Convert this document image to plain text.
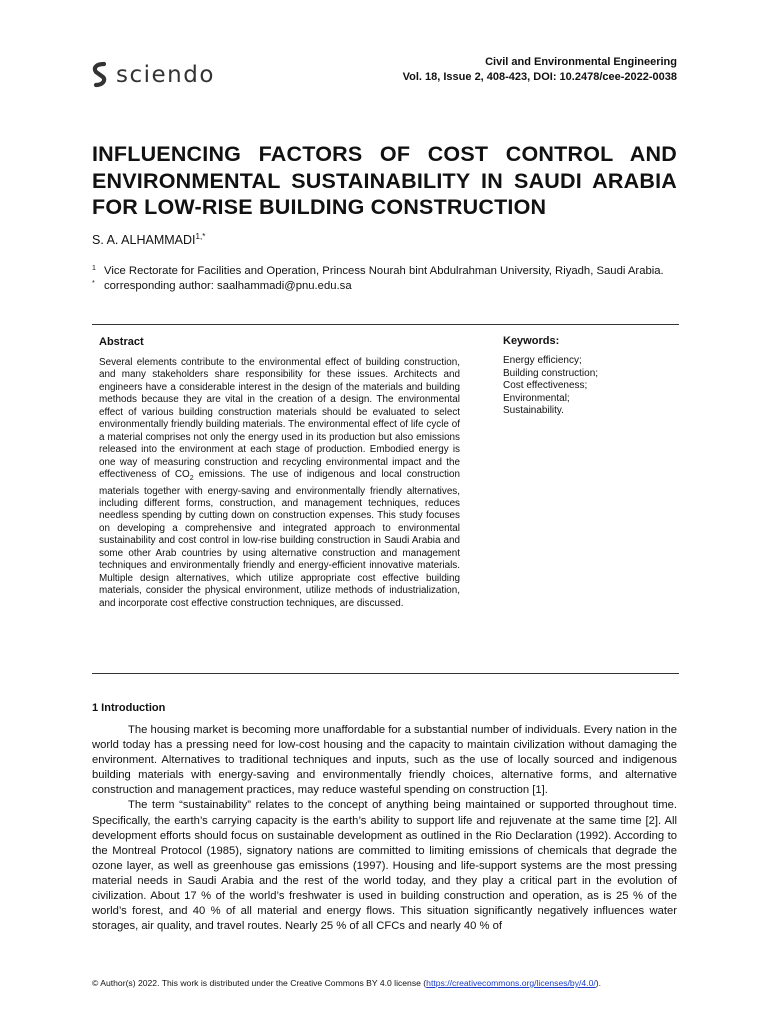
sciendo	Civil and Environmental Engineering
Vol. 18, Issue 2, 408-423, DOI: 10.2478/cee-2022-0038
INFLUENCING FACTORS OF COST CONTROL AND ENVIRONMENTAL SUSTAINABILITY IN SAUDI ARABIA FOR LOW-RISE BUILDING CONSTRUCTION
S. A. $ALHAMMADI^{1,*}$
1 Vice Rectorate for Facilities and Operation, Princess Nourah bint Abdulrahman University, Riyadh, Saudi Arabia.
* corresponding author: saalhammadi@pnu.edu.sa
Abstract

Several elements contribute to the environmental effect of building construction, and many stakeholders share responsibility for these issues. Architects and engineers have a considerable interest in the design of the materials and building methods because they are vital in the creation of a design. The environmental effect of various building construction materials should be evaluated to select environmentally friendly building materials. The environmental effect of life cycle of a material comprises not only the energy used in its production but also emissions released into the environment at each stage of production. Embodied energy is one way of measuring construction and recycling environmental impact and the effectiveness of $CO_2$ emissions. The use of indigenous and local construction materials together with energy-saving and environmentally friendly alternatives, including different forms, construction, and management techniques, reduces needless spending by cutting down on construction expenses. This study focuses on developing a comprehensive and integrated approach to environmental sustainability and cost control in low-rise building construction in Saudi Arabia and some other Arab countries by using alternative construction and management techniques and environmentally friendly and energy-efficient innovative materials. Multiple design alternatives, which utilize appropriate cost effective building materials, consider the physical environment, utilize methods of industrialization, and incorporate cost effective construction techniques, are discussed.

Keywords:
Energy efficiency;
Building construction;
Cost effectiveness;
Environmental;
Sustainability.
1 Introduction

The housing market is becoming more unaffordable for a substantial number of individuals. Every nation in the world today has a pressing need for low-cost housing and the capacity to maintain civilization without damaging the environment. Alternatives to traditional techniques and inputs, such as the use of locally sourced and indigenous building materials with energy-saving and environmentally friendly choices, alternative forms, and alternative construction and management practices, may reduce wasteful spending on construction [1].

The term “sustainability” relates to the concept of anything being maintained or supported throughout time. Specifically, the earth’s carrying capacity is the earth’s ability to support life and rejuvenate at the same time [2]. All development efforts should focus on sustainable development as outlined in the Rio Declaration (1992). According to the Montreal Protocol (1985), signatory nations are committed to limiting emissions of chemicals that degrade the ozone layer, as well as greenhouse gas emissions (1997). Housing and life-support systems are the most pressing material needs in Saudi Arabia and the rest of the world today, and they play a critical part in the evolution of civilization. About 17 % of the world’s freshwater is used in building construction and operation, as is 25 % of the world’s forest, and 40 % of all material and energy flows. This situation significantly negatively influences water storages, air quality, and travel routes. Nearly 25 % of all CFCs and nearly 40 % of

© Author(s) 2022. This work is distributed under the Creative Commons BY 4.0 license (https://creativecommons.org/licenses/by/4.0/).
